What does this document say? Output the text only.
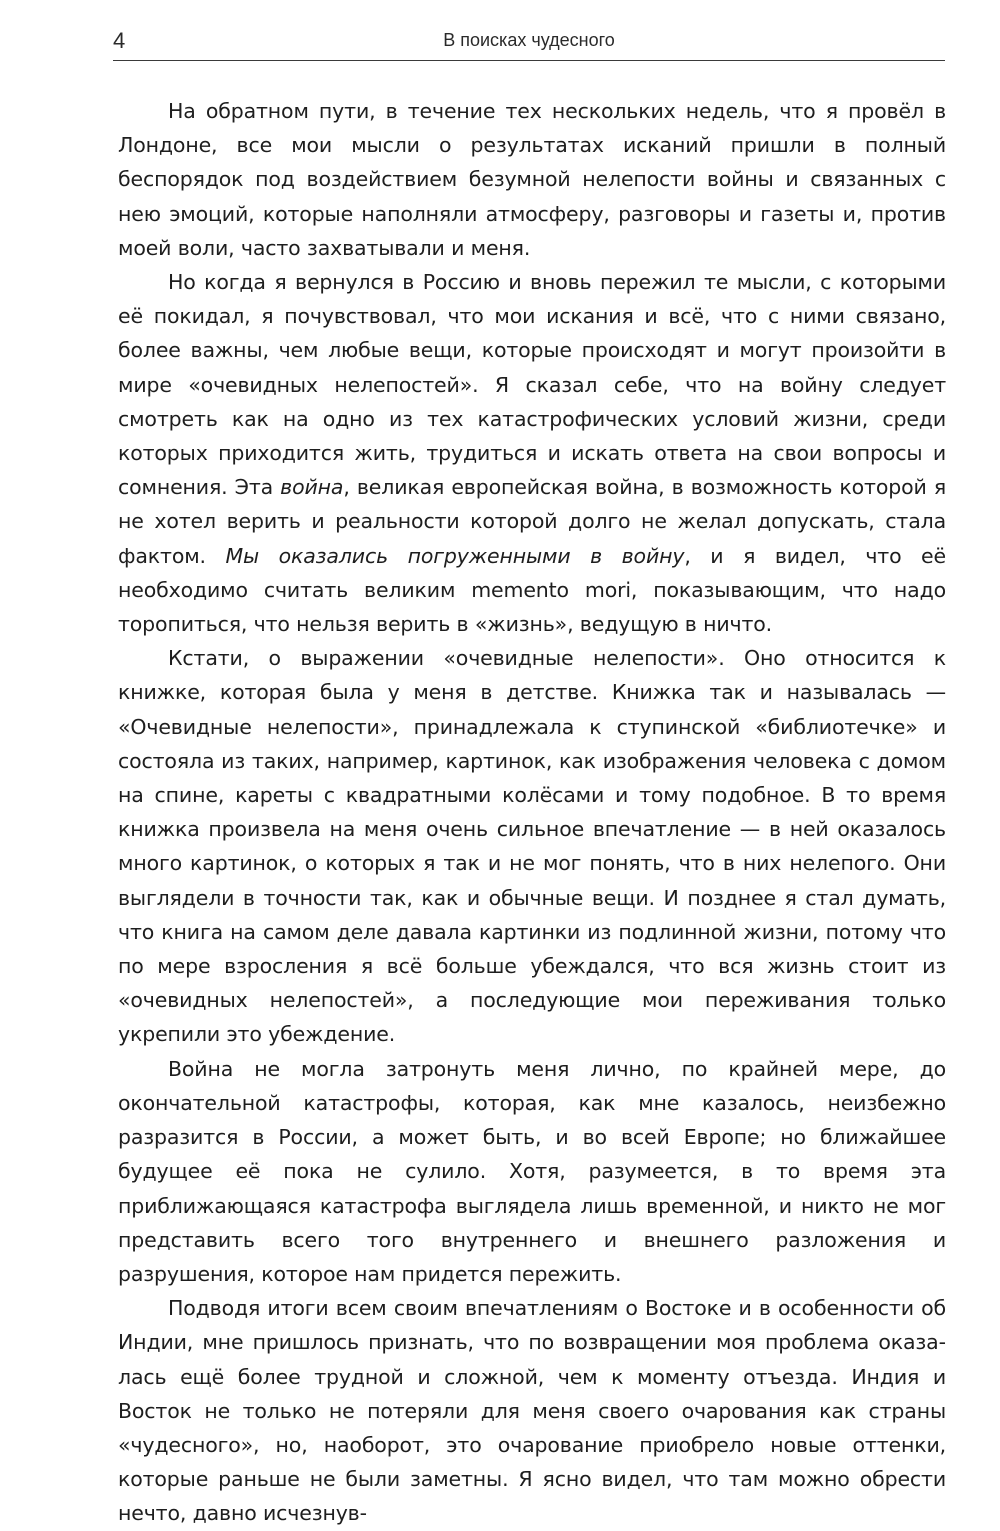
4	В поисках чудесного

На обратном пути, в течение тех нескольких недель, что я провёл в Лондоне, все мои мысли о результатах исканий пришли в полный беспорядок под воздействием безумной нелепости войны и связанных с нею эмоций, которые наполняли атмосферу, разговоры и газеты и, против моей воли, часто захватывали и меня.

Но когда я вернулся в Россию и вновь пережил те мысли, с которыми её покидал, я почувствовал, что мои искания и всё, что с ними связано, более важны, чем любые вещи, которые происходят и могут произойти в мире «очевидных нелепостей». Я сказал себе, что на войну следует смотреть как на одно из тех катастрофических условий жизни, среди которых приходится жить, трудиться и искать ответа на свои вопросы и сомнения. Эта война, великая европейская война, в возможность которой я не хотел верить и реальности которой долго не желал допускать, стала фактом. Мы оказались погруженными в войну, и я видел, что её необходимо считать великим memento mori, показывающим, что надо торопиться, что нельзя верить в «жизнь», ведущую в ничто.

Кстати, о выражении «очевидные нелепости». Оно относится к книжке, которая была у меня в детстве. Книжка так и называлась — «Очевидные нелепости», принадлежала к ступинской «библиотечке» и состояла из таких, например, картинок, как изображения человека с домом на спине, кареты с квадратными колёсами и тому подобное. В то время книжка произвела на меня очень сильное впечатление — в ней оказалось много картинок, о которых я так и не мог понять, что в них нелепого. Они выглядели в точности так, как и обычные вещи. И позднее я стал думать, что книга на самом деле давала картинки из подлинной жизни, потому что по мере взросления я всё больше убеждался, что вся жизнь стоит из «очевидных нелепостей», а последующие мои переживания только укрепили это убеждение.

Война не могла затронуть меня лично, по крайней мере, до окончательной катастрофы, которая, как мне казалось, неизбежно разразится в России, а может быть, и во всей Европе; но ближайшее будущее её пока не сулило. Хотя, разумеется, в то время эта приближающаяся катастрофа выглядела лишь временной, и никто не мог представить всего того внутреннего и внешнего разложения и разрушения, которое нам придется пережить.

Подводя итоги всем своим впечатлениям о Востоке и в особенности об Индии, мне пришлось признать, что по возвращении моя проблема оказалась ещё более трудной и сложной, чем к моменту отъезда. Индия и Восток не только не потеряли для меня своего очарования как страны «чудесного», но, наоборот, это очарование приобрело новые оттенки, которые раньше не были заметны. Я ясно видел, что там можно обрести нечто, давно исчезнув-
